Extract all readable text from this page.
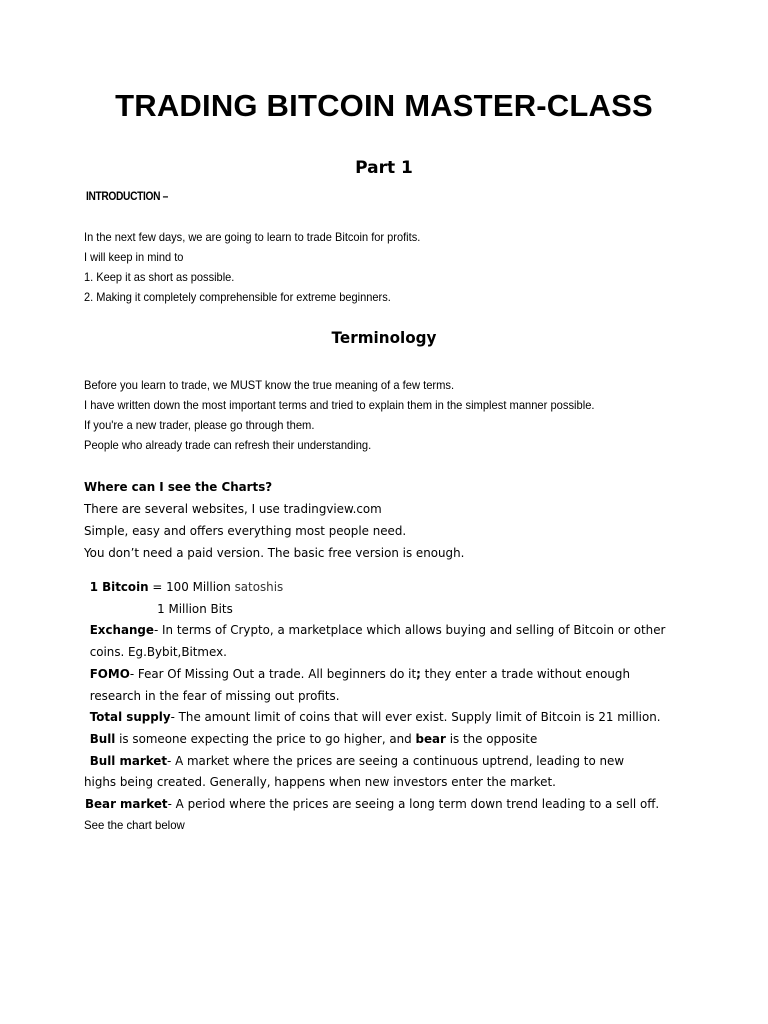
TRADING BITCOIN MASTER-CLASS
Part 1
INTRODUCTION –
In the next few days, we are going to learn to trade Bitcoin for profits.
I will keep in mind to
1. Keep it as short as possible.
2. Making it completely comprehensible for extreme beginners.
Terminology
Before you learn to trade, we MUST know the true meaning of a few terms.
I have written down the most important terms and tried to explain them in the simplest manner possible.
If you're a new trader, please go through them.
People who already trade can refresh their understanding.
Where can I see the Charts?
There are several websites, I use tradingview.com
Simple, easy and offers everything most people need.
You don’t need a paid version. The basic free version is enough.
1 Bitcoin = 100 Million satoshis
1 Million Bits
Exchange- In terms of Crypto, a marketplace which allows buying and selling of Bitcoin or other
coins. Eg.Bybit,Bitmex.
FOMO- Fear Of Missing Out a trade. All beginners do it; they enter a trade without enough
research in the fear of missing out profits.
Total supply- The amount limit of coins that will ever exist. Supply limit of Bitcoin is 21 million.
Bull is someone expecting the price to go higher, and bear is the opposite
Bull market- A market where the prices are seeing a continuous uptrend, leading to new
highs being created. Generally, happens when new investors enter the market.
Bear market- A period where the prices are seeing a long term down trend leading to a sell off.
See the chart below
